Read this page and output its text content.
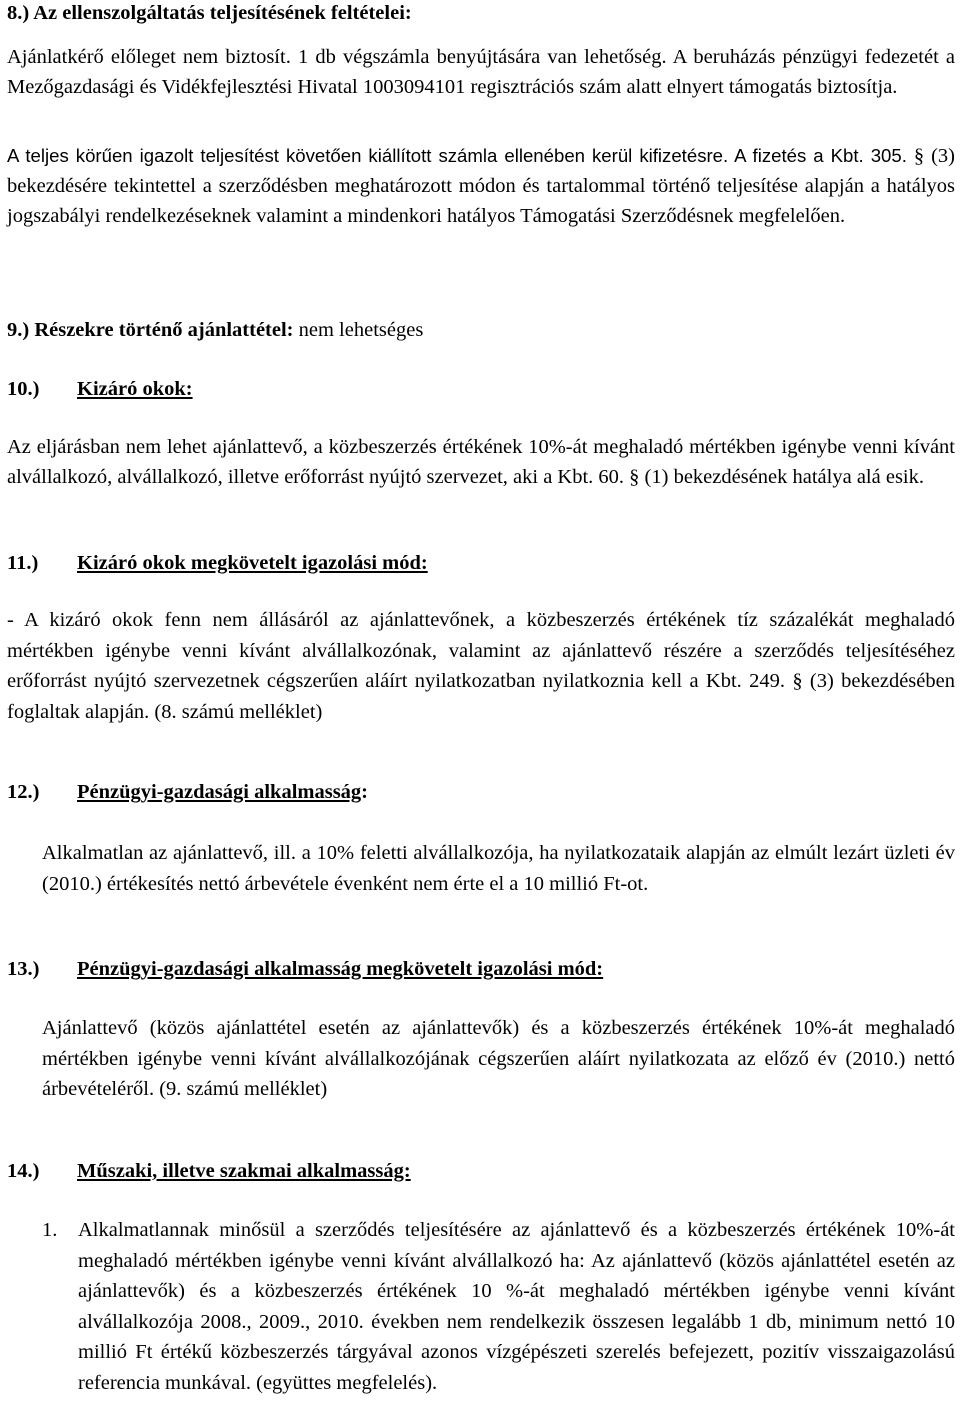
8.) Az ellenszolgáltatás teljesítésének feltételei:

Ajánlatkérő előleget nem biztosít. 1 db végszámla benyújtására van lehetőség. A beruházás pénzügyi fedezetét a Mezőgazdasági és Vidékfejlesztési Hivatal 1003094101 regisztrációs szám alatt elnyert támogatás biztosítja.

A teljes körűen igazolt teljesítést követően kiállított számla ellenében kerül kifizetésre. A fizetés a Kbt. 305. § (3) bekezdésére tekintettel a szerződésben meghatározott módon és tartalommal történő teljesítése alapján a hatályos jogszabályi rendelkezéseknek valamint a mindenkori hatályos Támogatási Szerződésnek megfelelően.

9.) Részekre történő ajánlattétel: nem lehetséges

10.)	Kizáró okok:

Az eljárásban nem lehet ajánlattevő, a közbeszerzés értékének 10%-át meghaladó mértékben igénybe venni kívánt alvállalkozó, alvállalkozó, illetve erőforrást nyújtó szervezet, aki a Kbt. 60. § (1) bekezdésének hatálya alá esik.

11.)	Kizáró okok megkövetelt igazolási mód:

- A kizáró okok fenn nem állásáról az ajánlattevőnek, a közbeszerzés értékének tíz százalékát meghaladó mértékben igénybe venni kívánt alvállalkozónak, valamint az ajánlattevő részére a szerződés teljesítéséhez erőforrást nyújtó szervezetnek cégszerűen aláírt nyilatkozatban nyilatkoznia kell a Kbt. 249. § (3) bekezdésében foglaltak alapján. (8. számú melléklet)

12.)	Pénzügyi-gazdasági alkalmasság :

Alkalmatlan az ajánlattevő, ill. a 10% feletti alvállalkozója, ha nyilatkozataik alapján az elmúlt lezárt üzleti év (2010.) értékesítés nettó árbevétele évenként nem érte el a 10 millió Ft-ot.

13.)	Pénzügyi-gazdasági alkalmasság megkövetelt igazolási mód:

Ajánlattevő (közös ajánlattétel esetén az ajánlattevők) és a közbeszerzés értékének 10%-át meghaladó mértékben igénybe venni kívánt alvállalkozójának cégszerűen aláírt nyilatkozata az előző év (2010.) nettó árbevételéről. (9. számú melléklet)

14.)	Műszaki, illetve szakmai alkalmasság:
1.	Alkalmatlannak minősül a szerződés teljesítésére az ajánlattevő és a közbeszerzés értékének 10%-át meghaladó mértékben igénybe venni kívánt alvállalkozó ha: Az ajánlattevő (közös ajánlattétel esetén az ajánlattevők) és a közbeszerzés értékének 10 %-át meghaladó mértékben igénybe venni kívánt alvállalkozója 2008., 2009., 2010. években nem rendelkezik összesen legalább 1 db, minimum nettó 10 millió Ft értékű közbeszerzés tárgyával azonos vízgépészeti szerelés befejezett, pozitív visszaigazolású referencia munkával. (együttes megfelelés).
